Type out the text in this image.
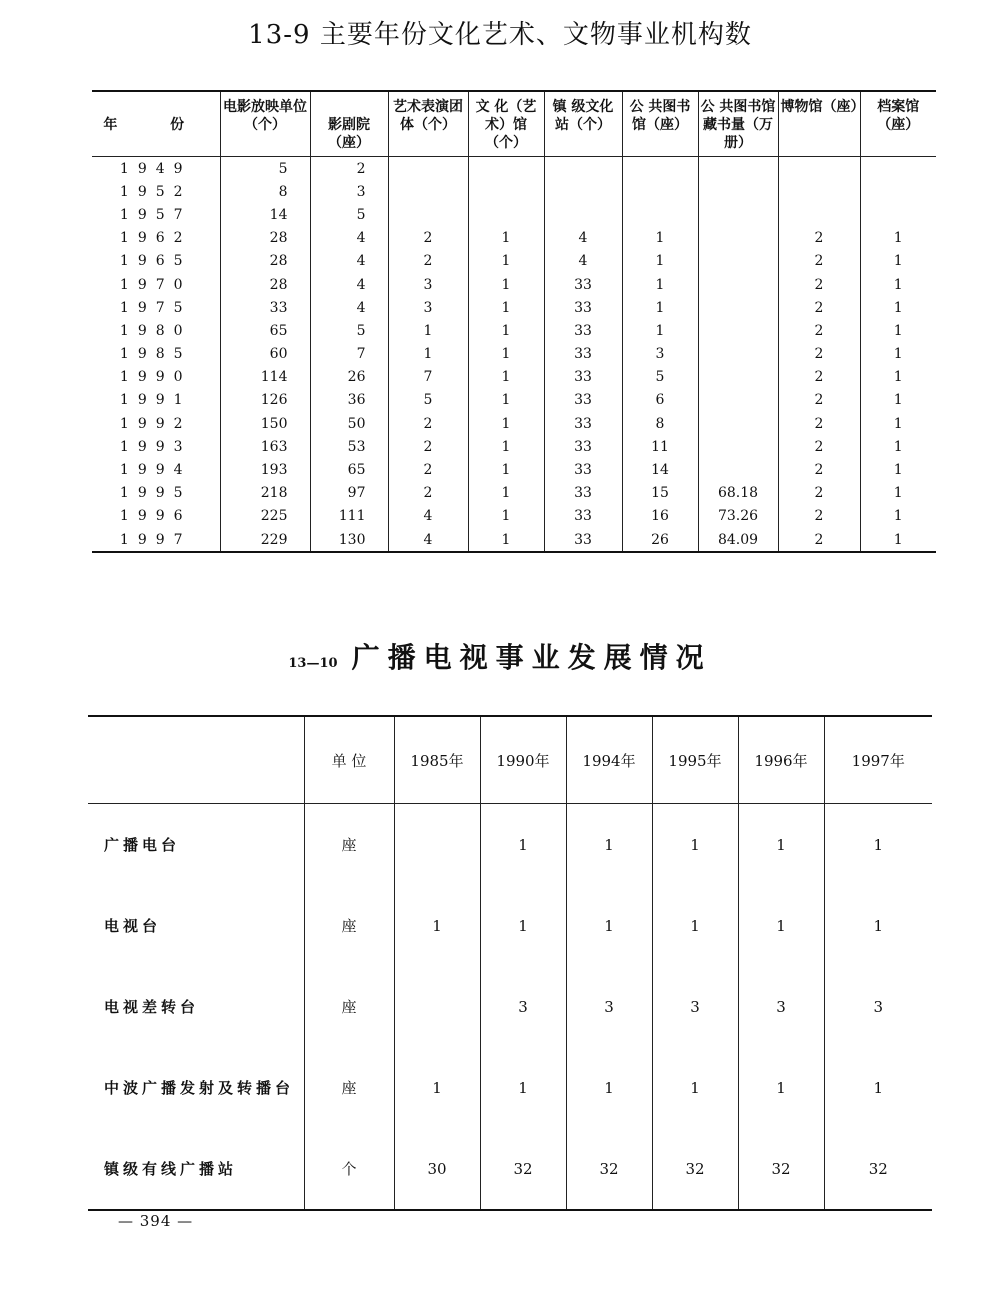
13-9 主要年份文化艺术、文物事业机构数
年 份	电影放映单位（个）	影剧院（座）	艺术表演团体（个）	文 化（艺术）馆（个）	镇 级文化站（个）	公 共图书馆（座）	公 共图书馆藏书量（万册）	博物馆（座）	档案馆（座）
1949	5	2							
1952	8	3							
1957	14	5							
1962	28	4	2	1	4	1		2	1
1965	28	4	2	1	4	1		2	1
1970	28	4	3	1	33	1		2	1
1975	33	4	3	1	33	1		2	1
1980	65	5	1	1	33	1		2	1
1985	60	7	1	1	33	3		2	1
1990	114	26	7	1	33	5		2	1
1991	126	36	5	1	33	6		2	1
1992	150	50	2	1	33	8		2	1
1993	163	53	2	1	33	11		2	1
1994	193	65	2	1	33	14		2	1
1995	218	97	2	1	33	15	68.18	2	1
1996	225	111	4	1	33	16	73.26	2	1
1997	229	130	4	1	33	26	84.09	2	1
13—10 广播电视事业发展情况
	单 位	1985年	1990年	1994年	1995年	1996年	1997年
广播电台	座		1	1	1	1	1
电视台	座	1	1	1	1	1	1
电视差转台	座		3	3	3	3	3
中波广播发射及转播台	座	1	1	1	1	1	1
镇级有线广播站	个	30	32	32	32	32	32
— 394 —
